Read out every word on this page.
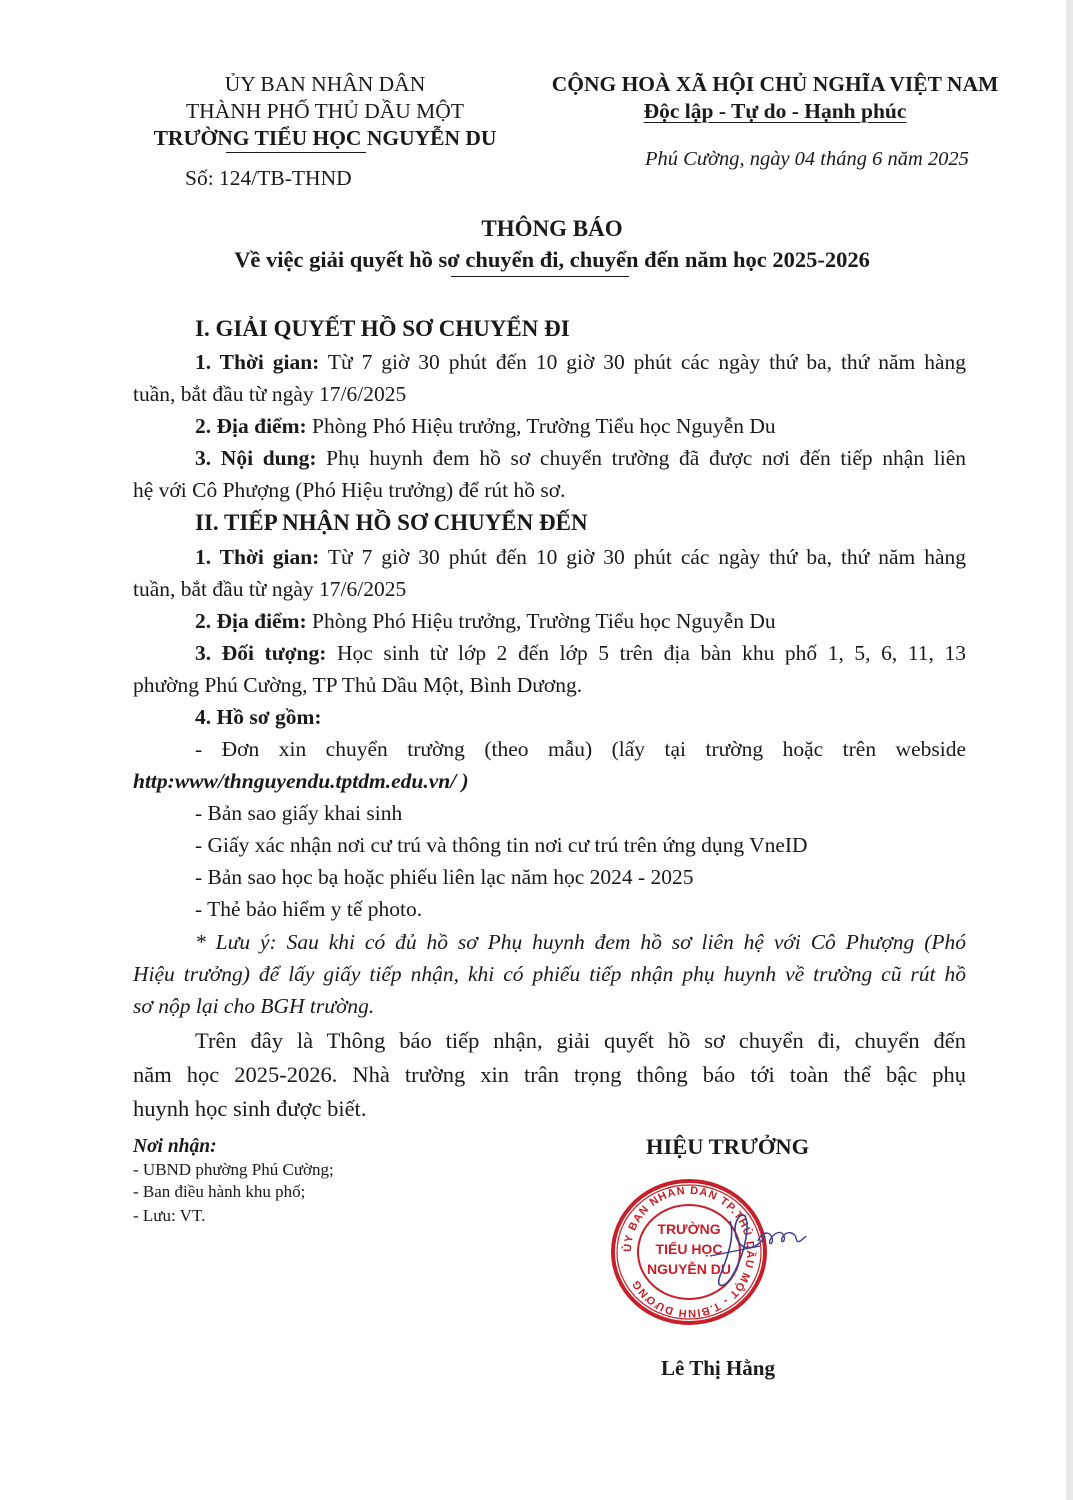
ỦY BAN NHÂN DÂN
THÀNH PHỐ THỦ DẦU MỘT
TRƯỜNG TIỂU HỌC NGUYỄN DU
Số: 124/TB-THND
CỘNG HOÀ XÃ HỘI CHỦ NGHĨA VIỆT NAM
Độc lập - Tự do - Hạnh phúc
Phú Cường, ngày 04 tháng 6 năm 2025
THÔNG BÁO
Về việc giải quyết hồ sơ chuyển đi, chuyển đến năm học 2025-2026
I. GIẢI QUYẾT HỒ SƠ CHUYỂN ĐI
1. Thời gian: Từ 7 giờ 30 phút đến 10 giờ 30 phút các ngày thứ ba, thứ năm hàng
tuần, bắt đầu từ ngày 17/6/2025
2. Địa điểm: Phòng Phó Hiệu trưởng, Trường Tiểu học Nguyễn Du
3. Nội dung: Phụ huynh đem hồ sơ chuyển trường đã được nơi đến tiếp nhận liên
hệ với Cô Phượng (Phó Hiệu trưởng) để rút hồ sơ.
II. TIẾP NHẬN HỒ SƠ CHUYỂN ĐẾN
1. Thời gian: Từ 7 giờ 30 phút đến 10 giờ 30 phút các ngày thứ ba, thứ năm hàng
tuần, bắt đầu từ ngày 17/6/2025
2. Địa điểm: Phòng Phó Hiệu trưởng, Trường Tiểu học Nguyễn Du
3. Đối tượng: Học sinh từ lớp 2 đến lớp 5 trên địa bàn khu phố 1, 5, 6, 11, 13
phường Phú Cường, TP Thủ Dầu Một, Bình Dương.
4. Hồ sơ gồm:
- Đơn xin chuyển trường (theo mẫu) (lấy tại trường hoặc trên webside
http:www/thnguyendu.tptdm.edu.vn/ )
- Bản sao giấy khai sinh
- Giấy xác nhận nơi cư trú và thông tin nơi cư trú trên ứng dụng VneID
- Bản sao học bạ hoặc phiếu liên lạc năm học 2024 - 2025
- Thẻ bảo hiểm y tế photo.
* Lưu ý: Sau khi có đủ hồ sơ Phụ huynh đem hồ sơ liên hệ với Cô Phượng (Phó
Hiệu trưởng) để lấy giấy tiếp nhận, khi có phiếu tiếp nhận phụ huynh về trường cũ rút hồ
sơ nộp lại cho BGH trường.
Trên đây là Thông báo tiếp nhận, giải quyết hồ sơ chuyển đi, chuyển đến
năm học 2025-2026. Nhà trường xin trân trọng thông báo tới toàn thể bậc phụ
huynh học sinh được biết.
Nơi nhận:
- UBND phường Phú Cường;
- Ban điều hành khu phố;
- Lưu: VT.
HIỆU TRƯỞNG
ỦY BAN NHÂN DÂN TP.THỦ DẦU MỘT - T.BÌNH DƯƠNG
TRƯỜNG
TIỂU HỌC
NGUYỄN DU
Lê Thị Hằng
